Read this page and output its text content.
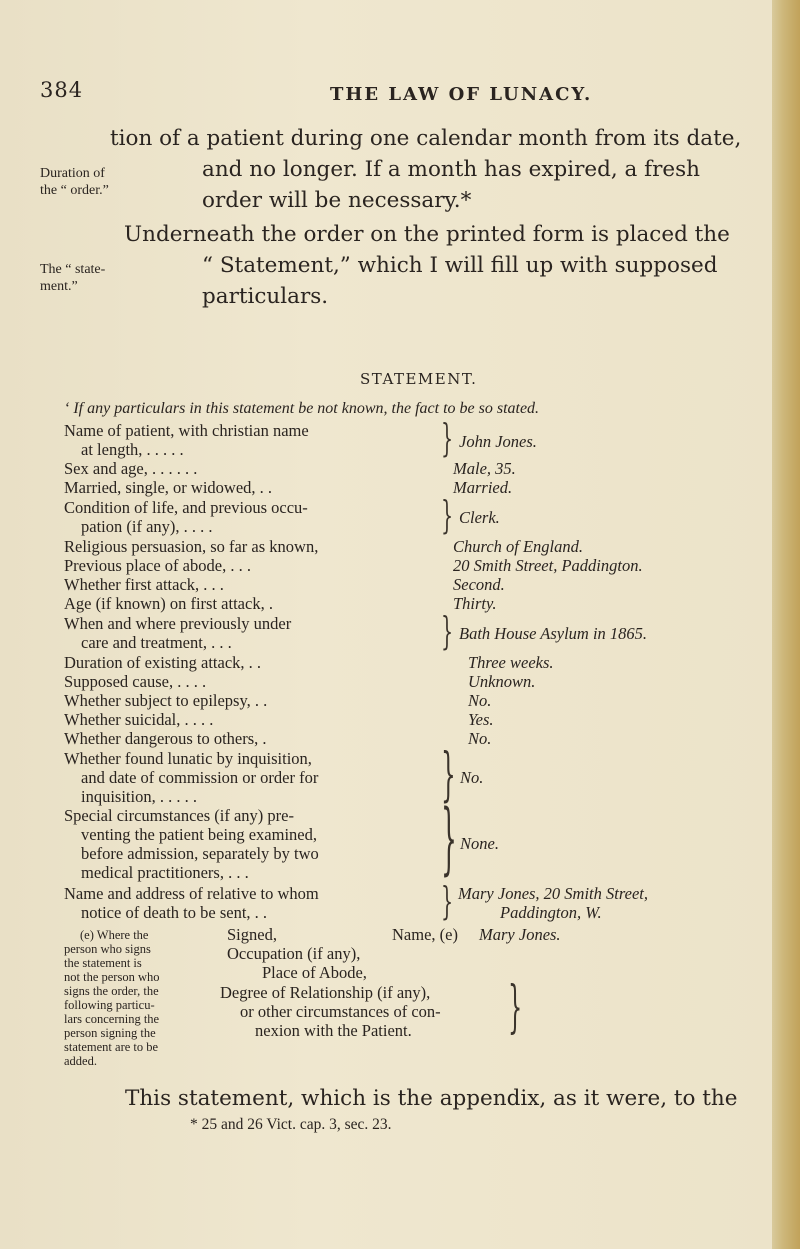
384	THE LAW OF LUNACY.
tion of a patient during one calendar month from its date,
and no longer. If a month has expired, a fresh
order will be necessary.*
Duration of
the “ order.”
Underneath the order on the printed form is placed the
“ Statement,” which I will fill up with supposed
particulars.
The “ state-
ment.”
STATEMENT.
‘ If any particulars in this statement be not known, the fact to be so stated.
Name of patient, with christian name
at length, . . . . .	} John Jones.
Sex and age, . . . . . .	Male, 35.
Married, single, or widowed, . .	Married.
Condition of life, and previous occu-
pation (if any), . . . .	} Clerk.
Religious persuasion, so far as known,	Church of England.
Previous place of abode, . . .	20 Smith Street, Paddington.
Whether first attack, . . .	Second.
Age (if known) on first attack, .	Thirty.
When and where previously under
care and treatment, . . .	} Bath House Asylum in 1865.
Duration of existing attack, . .	Three weeks.
Supposed cause, . . . .	Unknown.
Whether subject to epilepsy, . .	No.
Whether suicidal, . . . .	Yes.
Whether dangerous to others, .	No.
Whether found lunatic by inquisition,
and date of commission or order for
inquisition, . . . . .	} No.
Special circumstances (if any) pre-
venting the patient being examined,
before admission, separately by two
medical practitioners, . . .	} None.
Name and address of relative to whom
notice of death to be sent, . .	} Mary Jones, 20 Smith Street,
Paddington, W.
(e) Where the
person who signs
the statement is
not the person who
signs the order, the
following particu-
lars concerning the
person signing the
statement are to be
added.
Signed,	Name, (e) Mary Jones.
Occupation (if any),
Place of Abode,
Degree of Relationship (if any),
or other circumstances of con-
nexion with the Patient. }
This statement, which is the appendix, as it were, to the
* 25 and 26 Vict. cap. 3, sec. 23.
